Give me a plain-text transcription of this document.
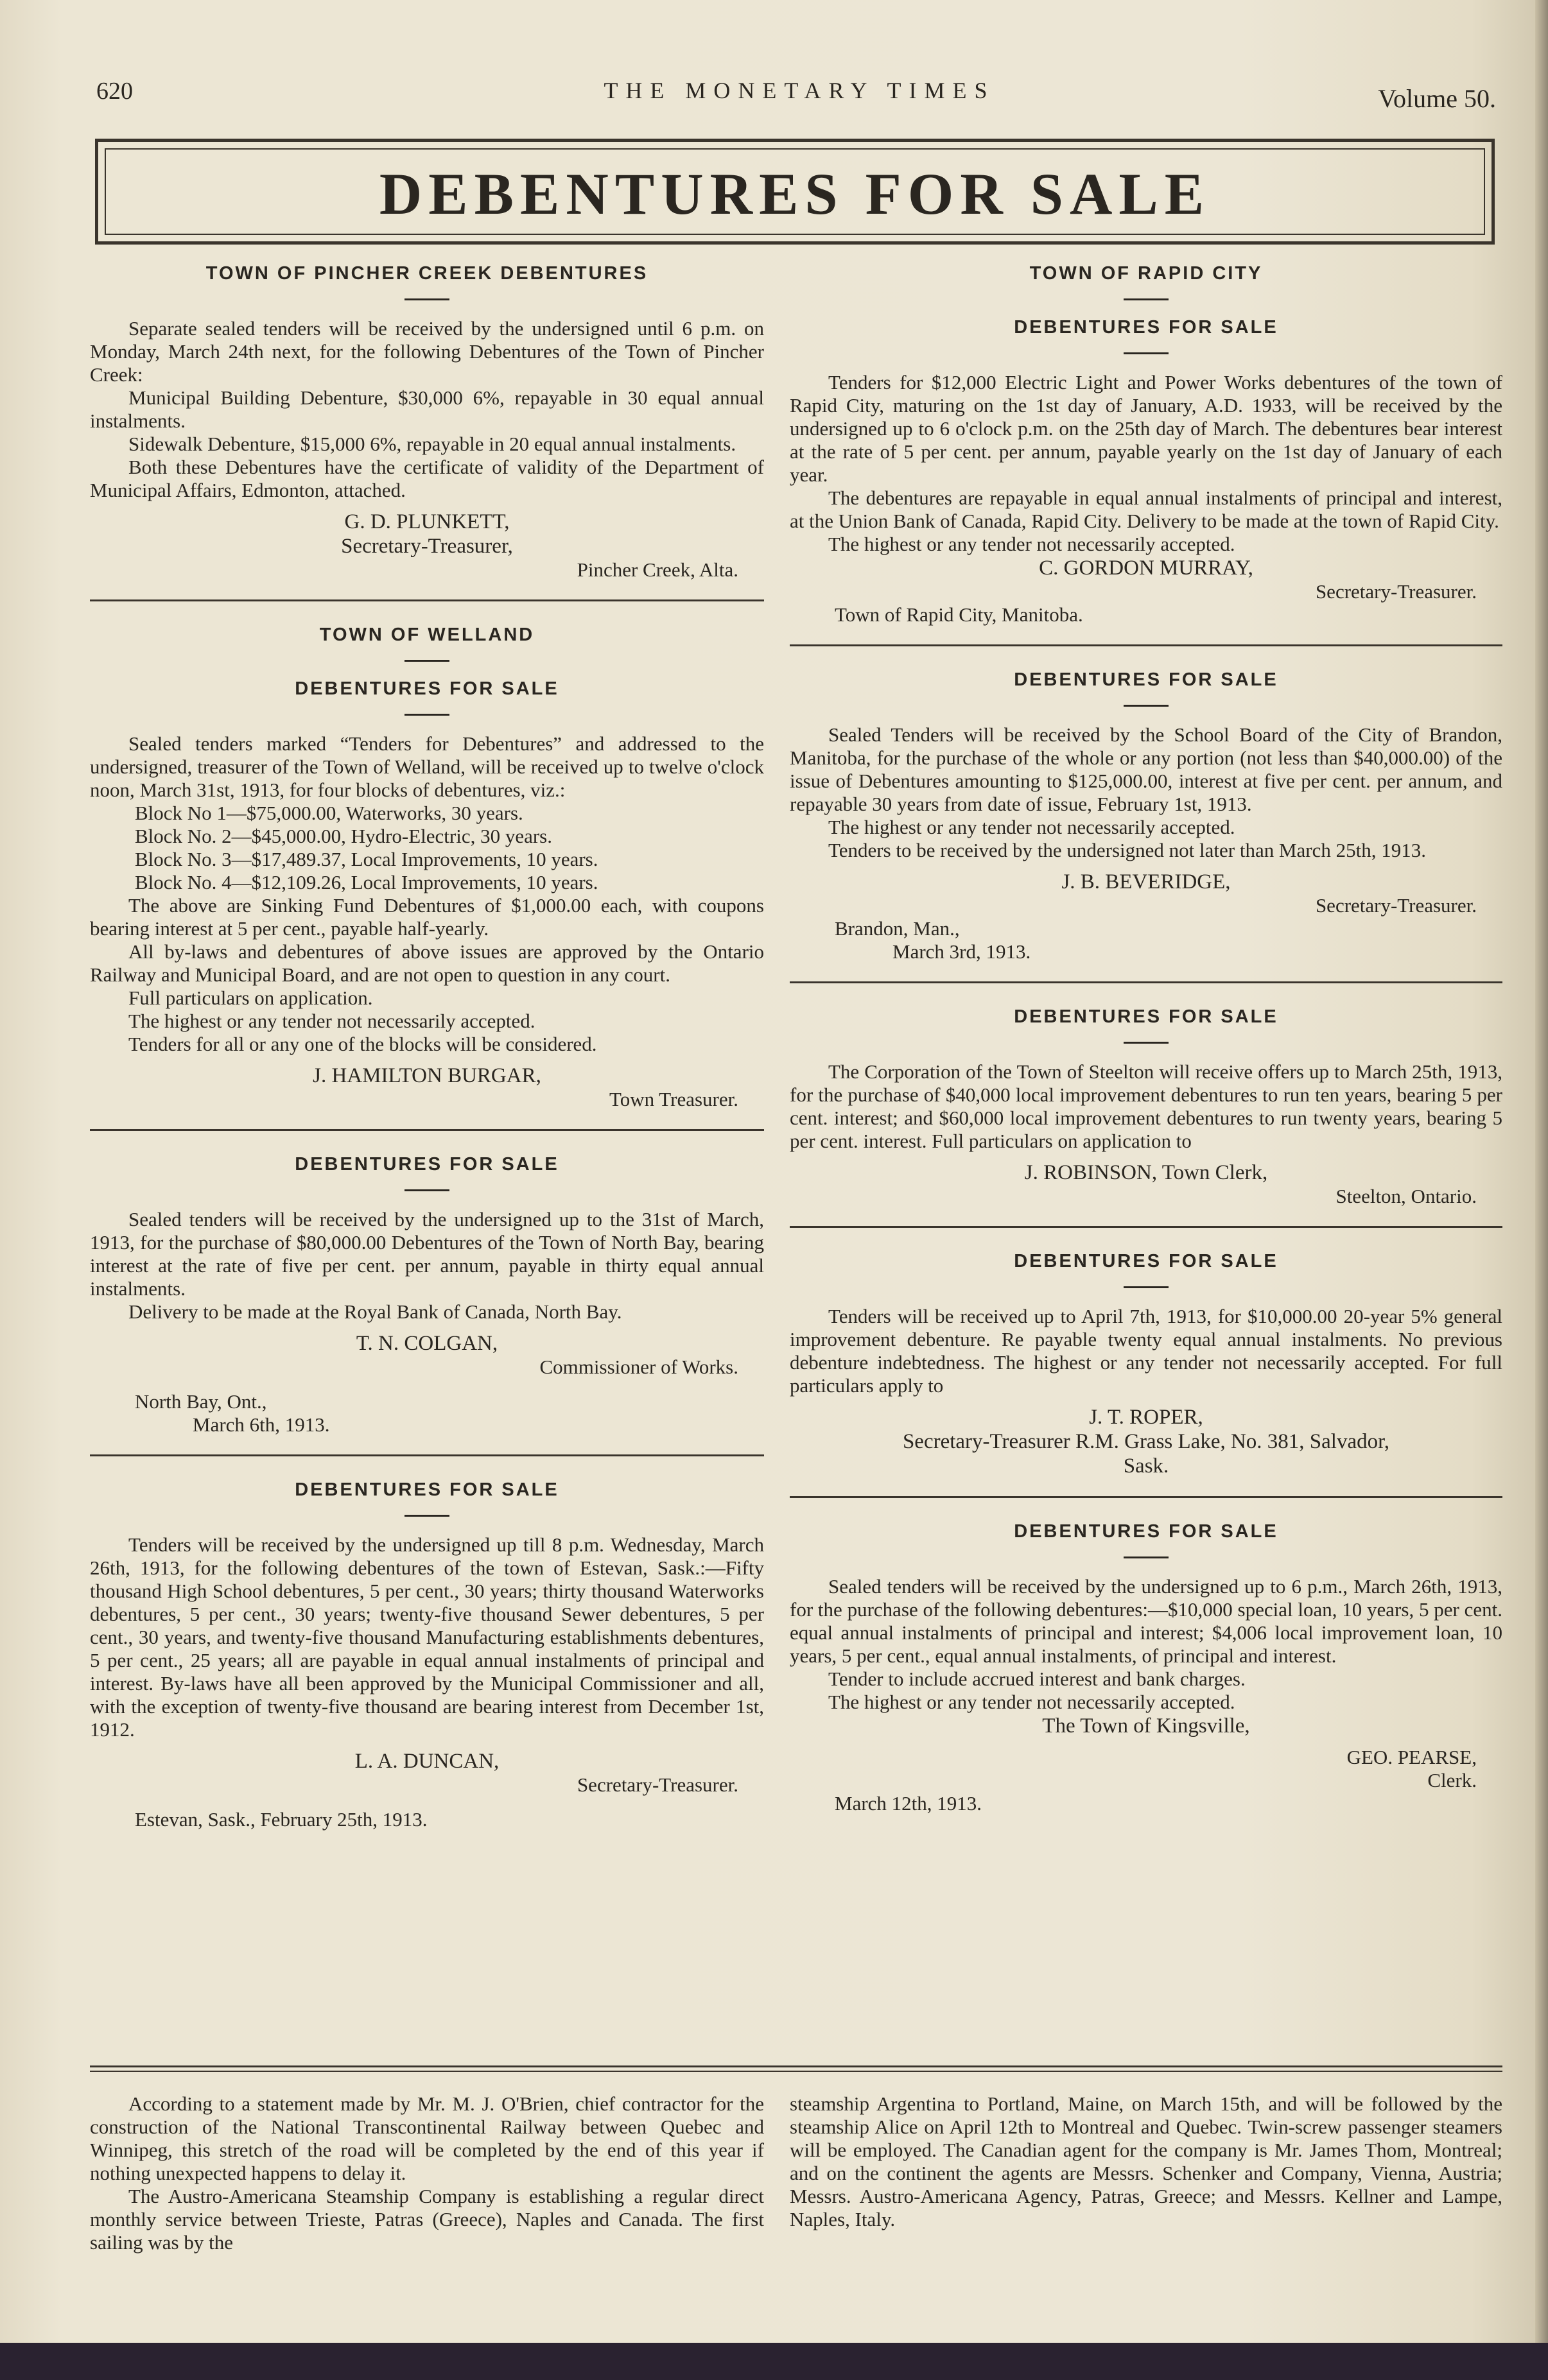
620	THE MONETARY TIMES	Volume 50.
DEBENTURES FOR SALE
TOWN OF PINCHER CREEK DEBENTURES

Separate sealed tenders will be received by the undersigned until 6 p.m. on Monday, March 24th next, for the following Debentures of the Town of Pincher Creek:

Municipal Building Debenture, $30,000 6%, repayable in 30 equal annual instalments.

Sidewalk Debenture, $15,000 6%, repayable in 20 equal annual instalments.

Both these Debentures have the certificate of validity of the Department of Municipal Affairs, Edmonton, attached.

G. D. PLUNKETT,

Secretary-Treasurer,

Pincher Creek, Alta.

TOWN OF WELLAND
DEBENTURES FOR SALE

Sealed tenders marked “Tenders for Debentures” and addressed to the undersigned, treasurer of the Town of Welland, will be received up to twelve o'clock noon, March 31st, 1913, for four blocks of debentures, viz.:

Block No 1—$75,000.00, Waterworks, 30 years.

Block No. 2—$45,000.00, Hydro-Electric, 30 years.

Block No. 3—$17,489.37, Local Improvements, 10 years.

Block No. 4—$12,109.26, Local Improvements, 10 years.

The above are Sinking Fund Debentures of $1,000.00 each, with coupons bearing interest at 5 per cent., payable half-yearly.

All by-laws and debentures of above issues are approved by the Ontario Railway and Municipal Board, and are not open to question in any court.

Full particulars on application.

The highest or any tender not necessarily accepted.

Tenders for all or any one of the blocks will be considered.

J. HAMILTON BURGAR,

Town Treasurer.

DEBENTURES FOR SALE

Sealed tenders will be received by the undersigned up to the 31st of March, 1913, for the purchase of $80,000.00 Debentures of the Town of North Bay, bearing interest at the rate of five per cent. per annum, payable in thirty equal annual instalments.

Delivery to be made at the Royal Bank of Canada, North Bay.

T. N. COLGAN,

Commissioner of Works.

North Bay, Ont.,

March 6th, 1913.

DEBENTURES FOR SALE

Tenders will be received by the undersigned up till 8 p.m. Wednesday, March 26th, 1913, for the following debentures of the town of Estevan, Sask.:—Fifty thousand High School debentures, 5 per cent., 30 years; thirty thousand Waterworks debentures, 5 per cent., 30 years; twenty-five thousand Sewer debentures, 5 per cent., 30 years, and twenty-five thousand Manufacturing establishments debentures, 5 per cent., 25 years; all are payable in equal annual instalments of principal and interest. By-laws have all been approved by the Municipal Commissioner and all, with the exception of twenty-five thousand are bearing interest from December 1st, 1912.

L. A. DUNCAN,

Secretary-Treasurer.

Estevan, Sask., February 25th, 1913.

TOWN OF RAPID CITY
DEBENTURES FOR SALE

Tenders for $12,000 Electric Light and Power Works debentures of the town of Rapid City, maturing on the 1st day of January, A.D. 1933, will be received by the undersigned up to 6 o'clock p.m. on the 25th day of March. The debentures bear interest at the rate of 5 per cent. per annum, payable yearly on the 1st day of January of each year.

The debentures are repayable in equal annual instalments of principal and interest, at the Union Bank of Canada, Rapid City. Delivery to be made at the town of Rapid City.

The highest or any tender not necessarily accepted.

C. GORDON MURRAY,

Secretary-Treasurer.

Town of Rapid City, Manitoba.

DEBENTURES FOR SALE

Sealed Tenders will be received by the School Board of the City of Brandon, Manitoba, for the purchase of the whole or any portion (not less than $40,000.00) of the issue of Debentures amounting to $125,000.00, interest at five per cent. per annum, and repayable 30 years from date of issue, February 1st, 1913.

The highest or any tender not necessarily accepted.

Tenders to be received by the undersigned not later than March 25th, 1913.

J. B. BEVERIDGE,

Secretary-Treasurer.

Brandon, Man.,

March 3rd, 1913.

DEBENTURES FOR SALE

The Corporation of the Town of Steelton will receive offers up to March 25th, 1913, for the purchase of $40,000 local improvement debentures to run ten years, bearing 5 per cent. interest; and $60,000 local improvement debentures to run twenty years, bearing 5 per cent. interest. Full particulars on application to

J. ROBINSON, Town Clerk,

Steelton, Ontario.

DEBENTURES FOR SALE

Tenders will be received up to April 7th, 1913, for $10,000.00 20-year 5% general improvement debenture. Re payable twenty equal annual instalments. No previous debenture indebtedness. The highest or any tender not necessarily accepted. For full particulars apply to

J. T. ROPER,

Secretary-Treasurer R.M. Grass Lake, No. 381, Salvador,

Sask.

DEBENTURES FOR SALE

Sealed tenders will be received by the undersigned up to 6 p.m., March 26th, 1913, for the purchase of the following debentures:—$10,000 special loan, 10 years, 5 per cent. equal annual instalments of principal and interest; $4,006 local improvement loan, 10 years, 5 per cent., equal annual instalments, of principal and interest.

Tender to include accrued interest and bank charges.

The highest or any tender not necessarily accepted.

The Town of Kingsville,

GEO. PEARSE,

Clerk.

March 12th, 1913.

According to a statement made by Mr. M. J. O'Brien, chief contractor for the construction of the National Transcontinental Railway between Quebec and Winnipeg, this stretch of the road will be completed by the end of this year if nothing unexpected happens to delay it.

The Austro-Americana Steamship Company is establishing a regular direct monthly service between Trieste, Patras (Greece), Naples and Canada. The first sailing was by the

steamship Argentina to Portland, Maine, on March 15th, and will be followed by the steamship Alice on April 12th to Montreal and Quebec. Twin-screw passenger steamers will be employed. The Canadian agent for the company is Mr. James Thom, Montreal; and on the continent the agents are Messrs. Schenker and Company, Vienna, Austria; Messrs. Austro-Americana Agency, Patras, Greece; and Messrs. Kellner and Lampe, Naples, Italy.
